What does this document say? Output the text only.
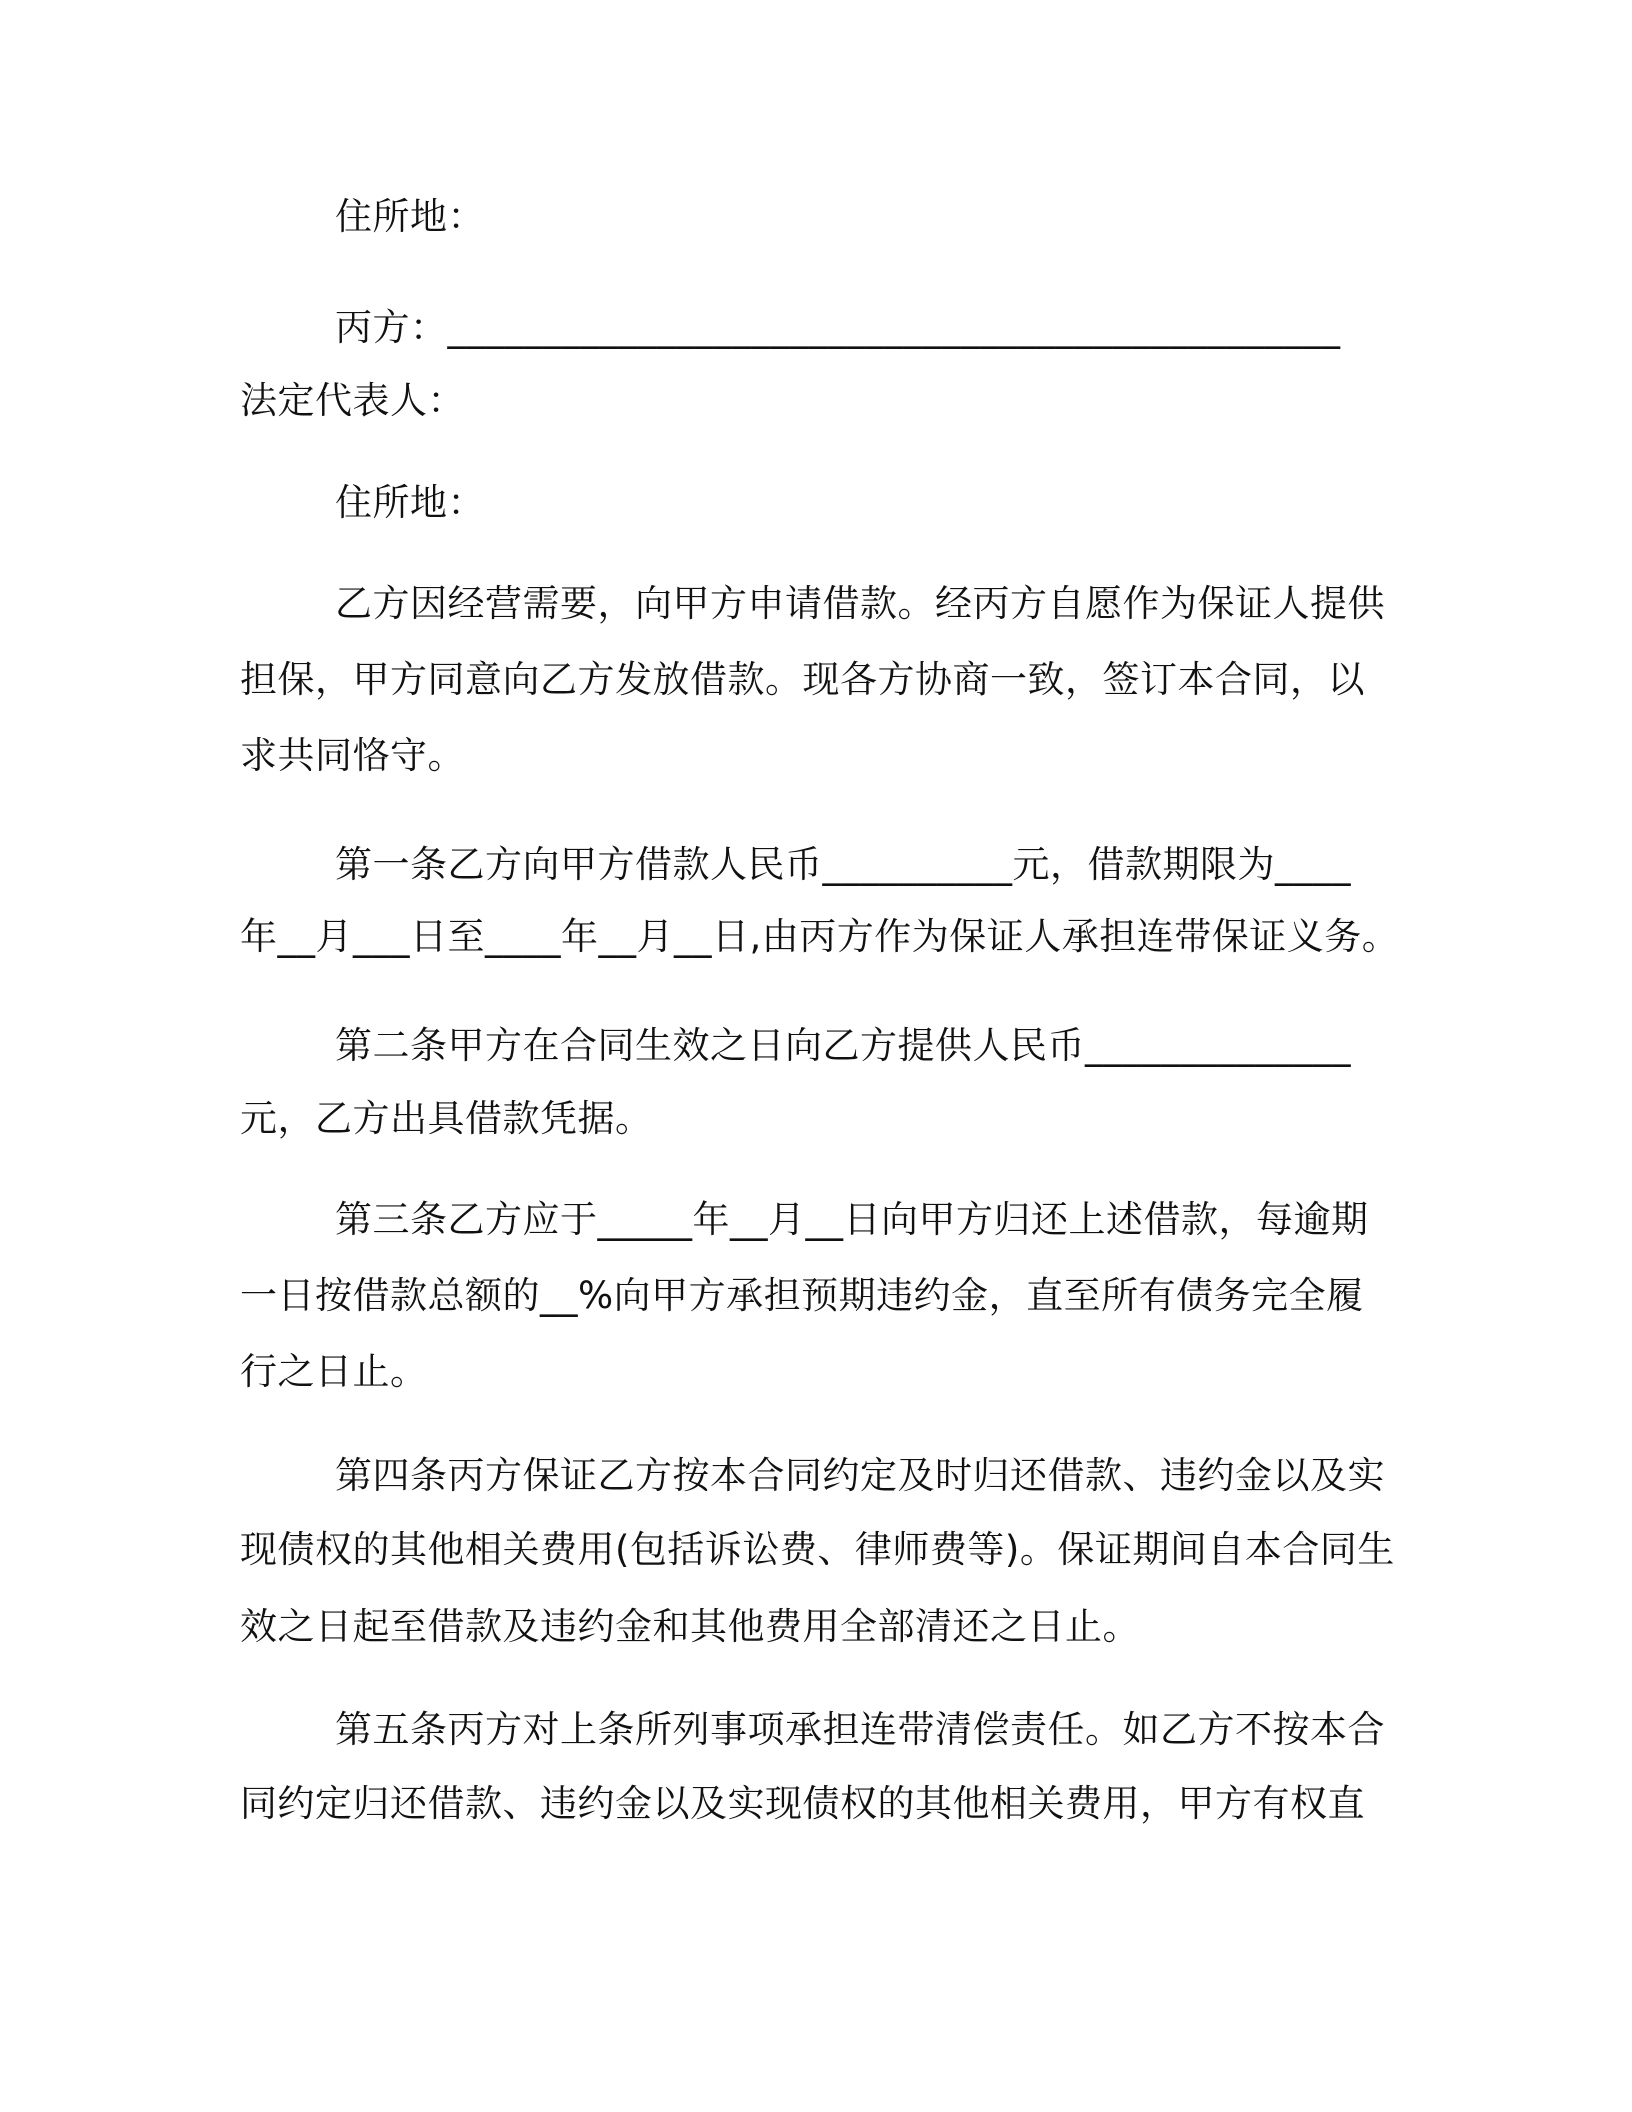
住所地：
丙方：_______________________________________________
法定代表人：
住所地：
乙方因经营需要，向甲方申请借款。经丙方自愿作为保证人提供
担保，甲方同意向乙方发放借款。现各方协商一致，签订本合同，以
求共同恪守。
第一条乙方向甲方借款人民币__________元，借款期限为____
年__月___日至____年__月__日,由丙方作为保证人承担连带保证义务。
第二条甲方在合同生效之日向乙方提供人民币______________
元，乙方出具借款凭据。
第三条乙方应于_____年__月__日向甲方归还上述借款，每逾期
一日按借款总额的__%向甲方承担预期违约金，直至所有债务完全履
行之日止。
第四条丙方保证乙方按本合同约定及时归还借款、违约金以及实
现债权的其他相关费用(包括诉讼费、律师费等)。保证期间自本合同生
效之日起至借款及违约金和其他费用全部清还之日止。
第五条丙方对上条所列事项承担连带清偿责任。如乙方不按本合
同约定归还借款、违约金以及实现债权的其他相关费用，甲方有权直
